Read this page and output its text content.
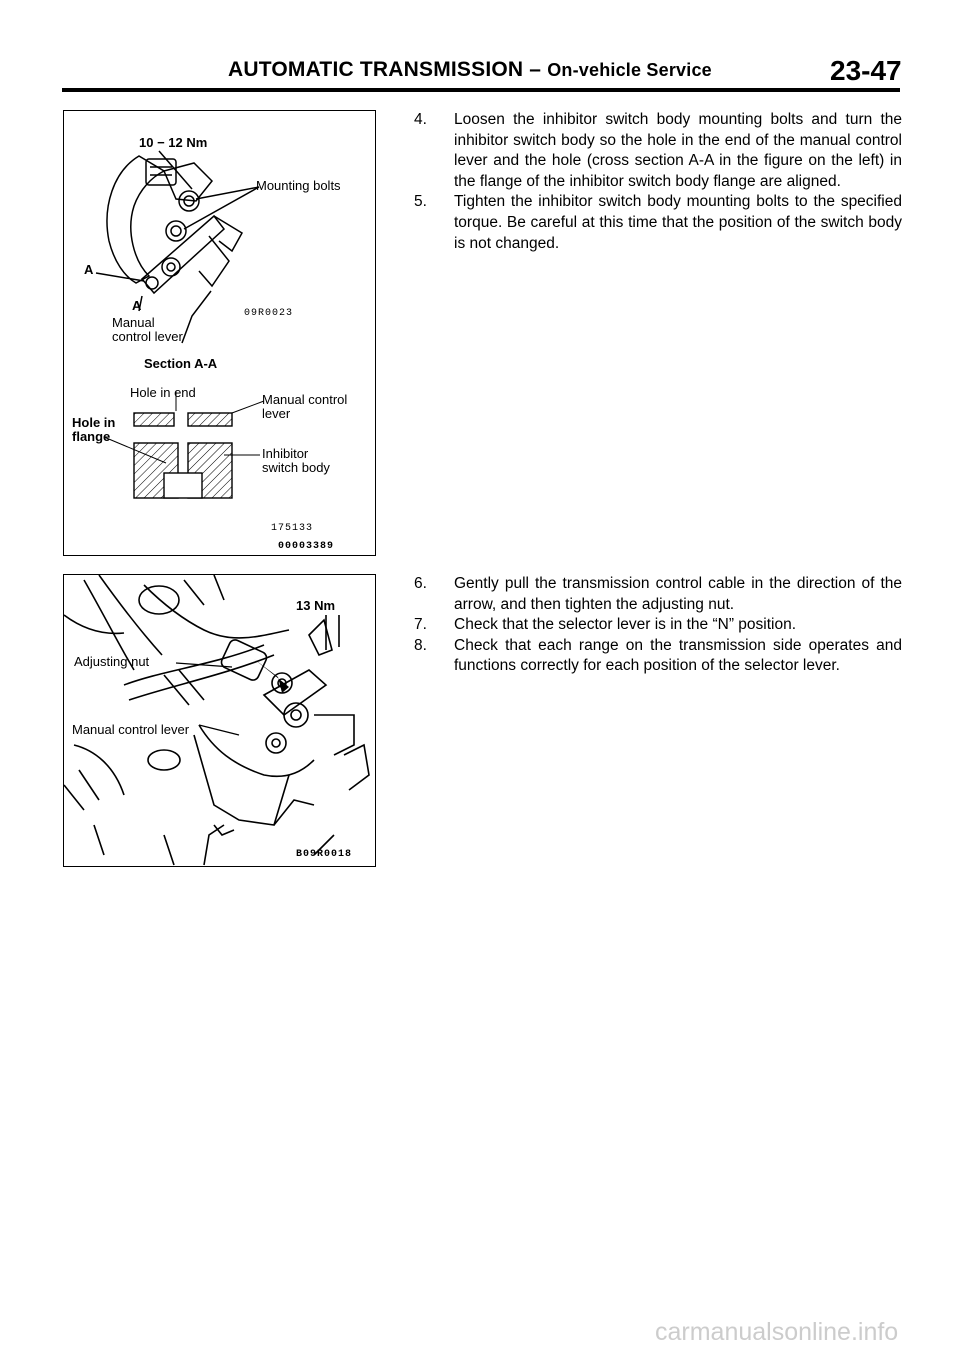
AUTOMATIC TRANSMISSION – On-vehicle Service	23-47
10 − 12 Nm
Mounting bolts
A
A
Manual
control lever
09R0023
Section A-A
Hole in end
Hole in
flange
Manual control
lever
Inhibitor
switch body
175133
00003389
13 Nm
Adjusting nut
Manual control lever
B09R0018
4.	Loosen the inhibitor switch body mounting bolts and turn the inhibitor switch body so the hole in the end of the manual control lever and the hole (cross section A-A in the figure on the left) in the flange of the inhibitor switch body flange are aligned.
5.	Tighten the inhibitor switch body mounting bolts to the specified torque. Be careful at this time that the position of the switch body is not changed.
6.	Gently pull the transmission control cable in the direction of the arrow, and then tighten the adjusting nut.
7.	Check that the selector lever is in the “N” position.
8.	Check that each range on the transmission side operates and functions correctly for each position of the selector lever.
carmanualsonline.info
